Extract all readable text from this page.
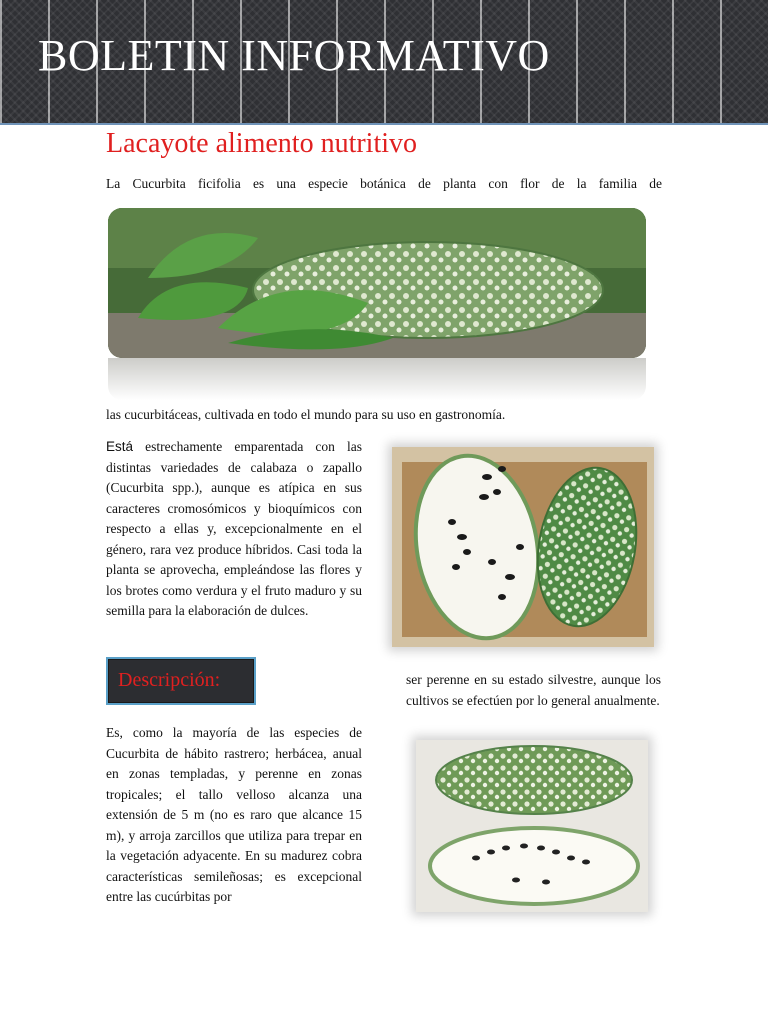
BOLETIN INFORMATIVO
Lacayote alimento nutritivo
La Cucurbita ficifolia es una especie botánica de planta con flor de la familia de
las cucurbitáceas, cultivada en todo el mundo para su uso en gastronomía.
Está estrechamente emparentada con las distintas variedades de calabaza o zapallo (Cucurbita spp.), aunque es atípica en sus caracteres cromosómicos y bioquímicos con respecto a ellas y, excepcionalmente en el género, rara vez produce híbridos. Casi toda la planta se aprovecha, empleándose las flores y los brotes como verdura y el fruto maduro y su semilla para la elaboración de dulces.
Descripción:	ser perenne en su estado silvestre, aunque los cultivos se efectúen por lo general anualmente.
Es, como la mayoría de las especies de Cucurbita de hábito rastrero; herbácea, anual en zonas templadas, y perenne en zonas tropicales; el tallo velloso alcanza una extensión de 5 m (no es raro que alcance 15 m), y arroja zarcillos que utiliza para trepar en la vegetación adyacente. En su madurez cobra características semileñosas; es excepcional entre las cucúrbitas por
